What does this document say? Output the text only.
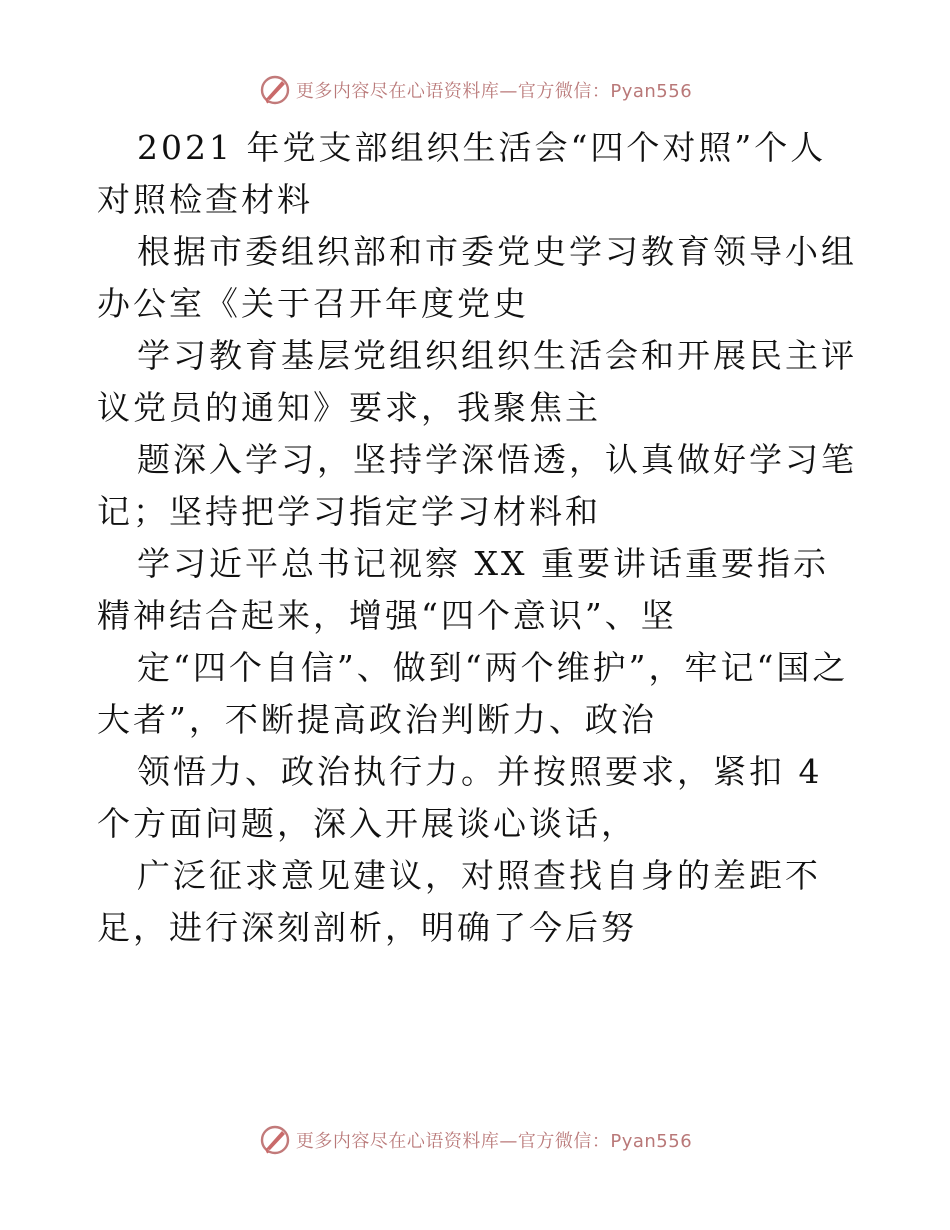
更多内容尽在心语资料库—官方微信：Pyan556

2021 年党支部组织生活会“四个对照”个人对照检查材料

根据市委组织部和市委党史学习教育领导小组办公室《关于召开年度党史

学习教育基层党组织组织生活会和开展民主评议党员的通知》要求，我聚焦主

题深入学习，坚持学深悟透，认真做好学习笔记；坚持把学习指定学习材料和

学习近平总书记视察 XX 重要讲话重要指示精神结合起来，增强“四个意识”、坚

定“四个自信”、做到“两个维护”，牢记“国之大者”，不断提高政治判断力、政治

领悟力、政治执行力。并按照要求，紧扣 4 个方面问题，深入开展谈心谈话，

广泛征求意见建议，对照查找自身的差距不足，进行深刻剖析，明确了今后努

更多内容尽在心语资料库—官方微信：Pyan556
